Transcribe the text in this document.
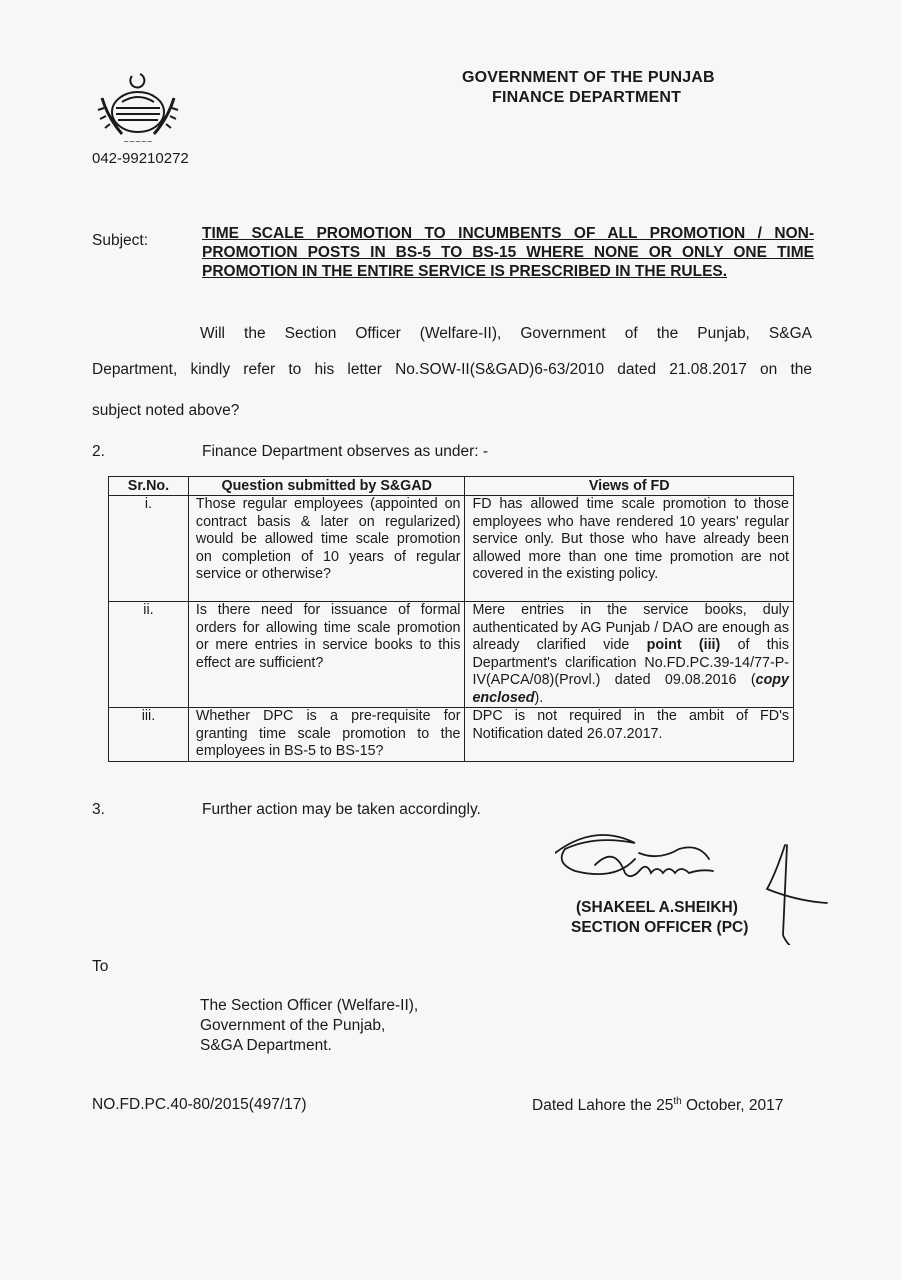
~~~~~
042-99210272
GOVERNMENT OF THE PUNJAB
FINANCE DEPARTMENT
Subject:	TIME SCALE PROMOTION TO INCUMBENTS OF ALL PROMOTION / NON-PROMOTION POSTS IN BS-5 TO BS-15 WHERE NONE OR ONLY ONE TIME PROMOTION IN THE ENTIRE SERVICE IS PRESCRIBED IN THE RULES.
Will the Section Officer (Welfare-II), Government of the Punjab, S&GA
Department, kindly refer to his letter No.SOW-II(S&GAD)6-63/2010 dated 21.08.2017 on the
subject noted above?
2.	Finance Department observes as under: -
Sr.No.	Question submitted by S&GAD	Views of FD
i.	Those regular employees (appointed on contract basis & later on regularized) would be allowed time scale promotion on completion of 10 years of regular service or otherwise?	FD has allowed time scale promotion to those employees who have rendered 10 years' regular service only. But those who have already been allowed more than one time promotion are not covered in the existing policy.
ii.	Is there need for issuance of formal orders for allowing time scale promotion or mere entries in service books to this effect are sufficient?	Mere entries in the service books, duly authenticated by AG Punjab / DAO are enough as already clarified vide point (iii) of this Department's clarification No.FD.PC.39-14/77-P-IV(APCA/08)(Provl.) dated 09.08.2016 (copy enclosed).
iii.	Whether DPC is a pre-requisite for granting time scale promotion to the employees in BS-5 to BS-15?	DPC is not required in the ambit of FD's Notification dated 26.07.2017.
3.	Further action may be taken accordingly.
(SHAKEEL A.SHEIKH)
SECTION OFFICER (PC)
To
The Section Officer (Welfare-II),
Government of the Punjab,
S&GA Department.
NO.FD.PC.40-80/2015(497/17)	Dated Lahore the 25th October, 2017
